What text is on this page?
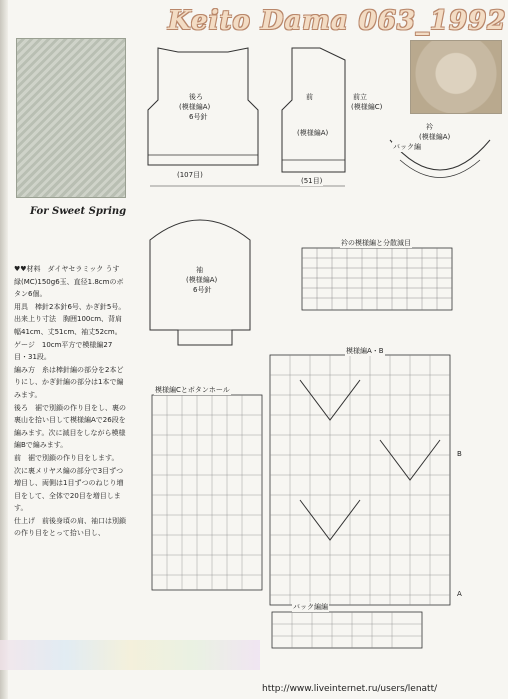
Keito Dama 063_1992
For Sweet Spring

♥♥材料　ダイヤセラミック うす緑(MC)150g6玉、直径1.8cmのボタン6個。

用具　棒針2本針6号、かぎ針5号。

出来上り寸法　胸囲100cm、背肩幅41cm、丈51cm、袖丈52cm。

ゲージ　10cm平方で模様編27目・31段。

編み方　糸は棒針編の部分を2本どりにし、かぎ針編の部分は1本で編みます。

後ろ　裾で別鎖の作り目をし、裏の裏山を拾い目して模様編Aで26段を編みます。次に減目をしながら模様編Bで編みます。

前　裾で別鎖の作り目をします。

次に裏メリヤス編の部分で3目ずつ増目し、両側は1目ずつのねじり増目をして、全体で20目を増目します。

仕上げ　前後身頃の肩、袖口は別鎖の作り目をとって拾い目し、

後ろ
(模様編A)
6号針
(107目)
前
(模様編A)
(51目)
前立
(模様編C)
袖
(模様編A)
6号針
衿
(模様編A)
バック編
衿の模様編と分散減目
模様編A・B
模様編Cとボタンホール
バック編編
B
A
http://www.liveinternet.ru/users/lenatt/
